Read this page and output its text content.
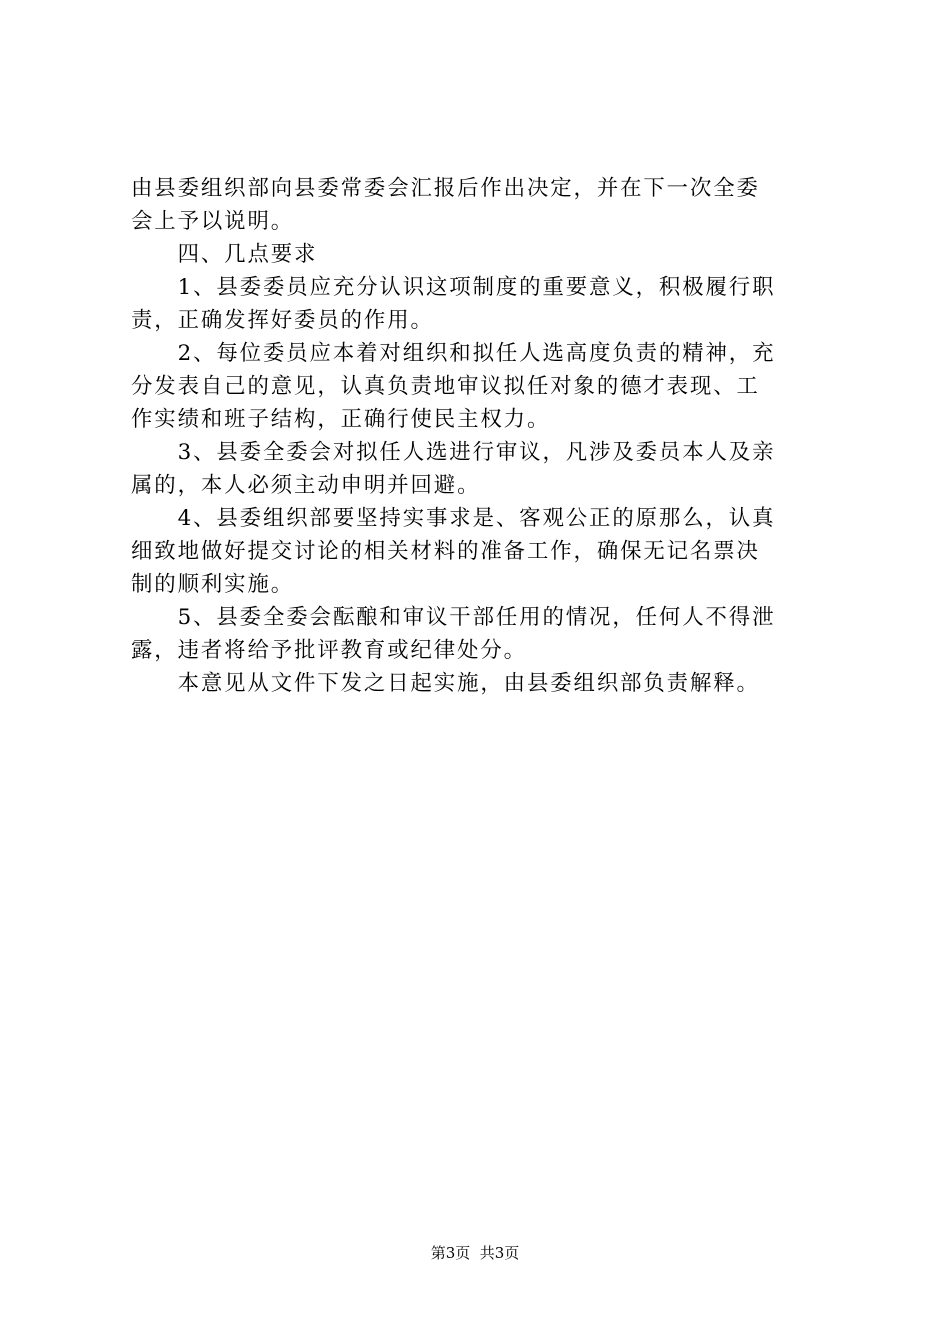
由县委组织部向县委常委会汇报后作出决定，并在下一次全委
会上予以说明。
　　四、几点要求
　　1、县委委员应充分认识这项制度的重要意义，积极履行职
责，正确发挥好委员的作用。
　　2、每位委员应本着对组织和拟任人选高度负责的精神，充
分发表自己的意见，认真负责地审议拟任对象的德才表现、工
作实绩和班子结构，正确行使民主权力。
　　3、县委全委会对拟任人选进行审议，凡涉及委员本人及亲
属的，本人必须主动申明并回避。
　　4、县委组织部要坚持实事求是、客观公正的原那么，认真
细致地做好提交讨论的相关材料的准备工作，确保无记名票决
制的顺利实施。
　　5、县委全委会酝酿和审议干部任用的情况，任何人不得泄
露，违者将给予批评教育或纪律处分。
　　本意见从文件下发之日起实施，由县委组织部负责解释。
第3页  共3页
